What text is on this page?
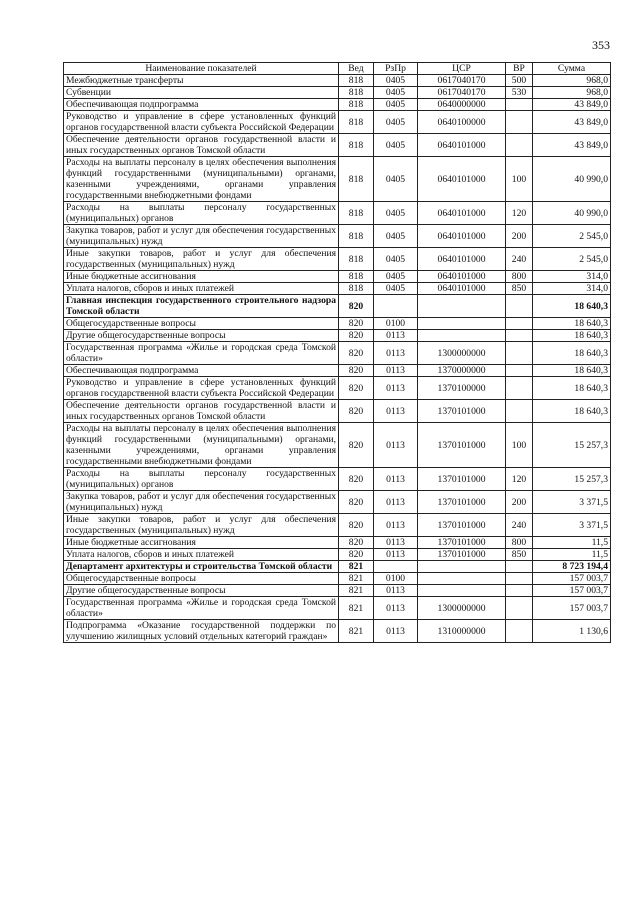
353
Наименование показателей	Вед	РзПр	ЦСР	ВР	Сумма
Межбюджетные трансферты	818	0405	0617040170	500	968,0
Субвенции	818	0405	0617040170	530	968,0
Обеспечивающая подпрограмма	818	0405	0640000000		43 849,0
Руководство и управление в сфере установленных функций органов государственной власти субъекта Российской Федерации	818	0405	0640100000		43 849,0
Обеспечение деятельности органов государственной власти и иных государственных органов Томской области	818	0405	0640101000		43 849,0
Расходы на выплаты персоналу в целях обеспечения выполнения функций государственными (муниципальными) органами, казенными учреждениями, органами управления государственными внебюджетными фондами	818	0405	0640101000	100	40 990,0
Расходы на выплаты персоналу государственных (муниципальных) органов	818	0405	0640101000	120	40 990,0
Закупка товаров, работ и услуг для обеспечения государственных (муниципальных) нужд	818	0405	0640101000	200	2 545,0
Иные закупки товаров, работ и услуг для обеспечения государственных (муниципальных) нужд	818	0405	0640101000	240	2 545,0
Иные бюджетные ассигнования	818	0405	0640101000	800	314,0
Уплата налогов, сборов и иных платежей	818	0405	0640101000	850	314,0
Главная инспекция государственного строительного надзора Томской области	820				18 640,3
Общегосударственные вопросы	820	0100			18 640,3
Другие общегосударственные вопросы	820	0113			18 640,3
Государственная программа «Жилье и городская среда Томской области»	820	0113	1300000000		18 640,3
Обеспечивающая подпрограмма	820	0113	1370000000		18 640,3
Руководство и управление в сфере установленных функций органов государственной власти субъекта Российской Федерации	820	0113	1370100000		18 640,3
Обеспечение деятельности органов государственной власти и иных государственных органов Томской области	820	0113	1370101000		18 640,3
Расходы на выплаты персоналу в целях обеспечения выполнения функций государственными (муниципальными) органами, казенными учреждениями, органами управления государственными внебюджетными фондами	820	0113	1370101000	100	15 257,3
Расходы на выплаты персоналу государственных (муниципальных) органов	820	0113	1370101000	120	15 257,3
Закупка товаров, работ и услуг для обеспечения государственных (муниципальных) нужд	820	0113	1370101000	200	3 371,5
Иные закупки товаров, работ и услуг для обеспечения государственных (муниципальных) нужд	820	0113	1370101000	240	3 371,5
Иные бюджетные ассигнования	820	0113	1370101000	800	11,5
Уплата налогов, сборов и иных платежей	820	0113	1370101000	850	11,5
Департамент архитектуры и строительства Томской области	821				8 723 194,4
Общегосударственные вопросы	821	0100			157 003,7
Другие общегосударственные вопросы	821	0113			157 003,7
Государственная программа «Жилье и городская среда Томской области»	821	0113	1300000000		157 003,7
Подпрограмма «Оказание государственной поддержки по улучшению жилищных условий отдельных категорий граждан»	821	0113	1310000000		1 130,6
